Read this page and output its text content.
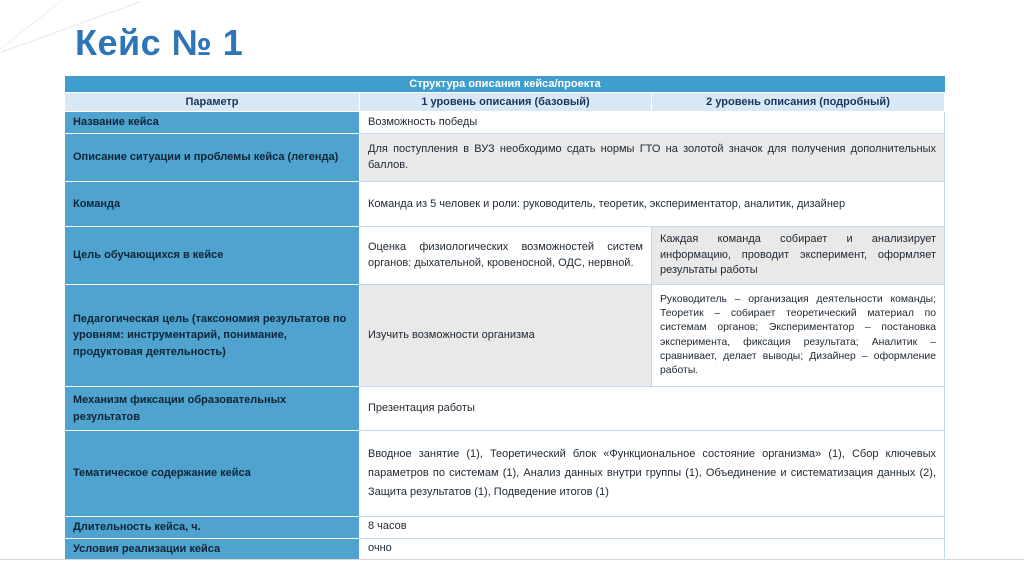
Кейс № 1
Структура описания кейса/проекта		
Параметр	1 уровень описания (базовый)	2 уровень описания (подробный)
Название кейса	Возможность победы	
Описание ситуации и проблемы кейса (легенда)	Для поступления в ВУЗ необходимо сдать нормы ГТО на золотой значок для получения дополнительных баллов.	
Команда	Команда из 5 человек и роли: руководитель, теоретик, экспериментатор, аналитик, дизайнер	
Цель обучающихся в кейсе	Оценка физиологических возможностей систем органов: дыхательной, кровеносной, ОДС, нервной.	Каждая команда собирает и анализирует информацию, проводит эксперимент, оформляет результаты работы
Педагогическая цель (таксономия результатов по уровням: инструментарий, понимание, продуктовая деятельность)	Изучить возможности организма	Руководитель – организация деятельности команды; Теоретик – собирает теоретический материал по системам органов; Экспериментатор – постановка эксперимента, фиксация результата; Аналитик – сравнивает, делает выводы; Дизайнер – оформление работы.
Механизм фиксации образовательных результатов	Презентация работы	
Тематическое содержание кейса	Вводное занятие (1), Теоретический блок «Функциональное состояние организма» (1), Сбор ключевых параметров по системам (1), Анализ данных внутри группы (1), Объединение и систематизация данных (2), Защита результатов (1), Подведение итогов (1)	
Длительность кейса, ч.	8 часов	
Условия реализации кейса	очно	
